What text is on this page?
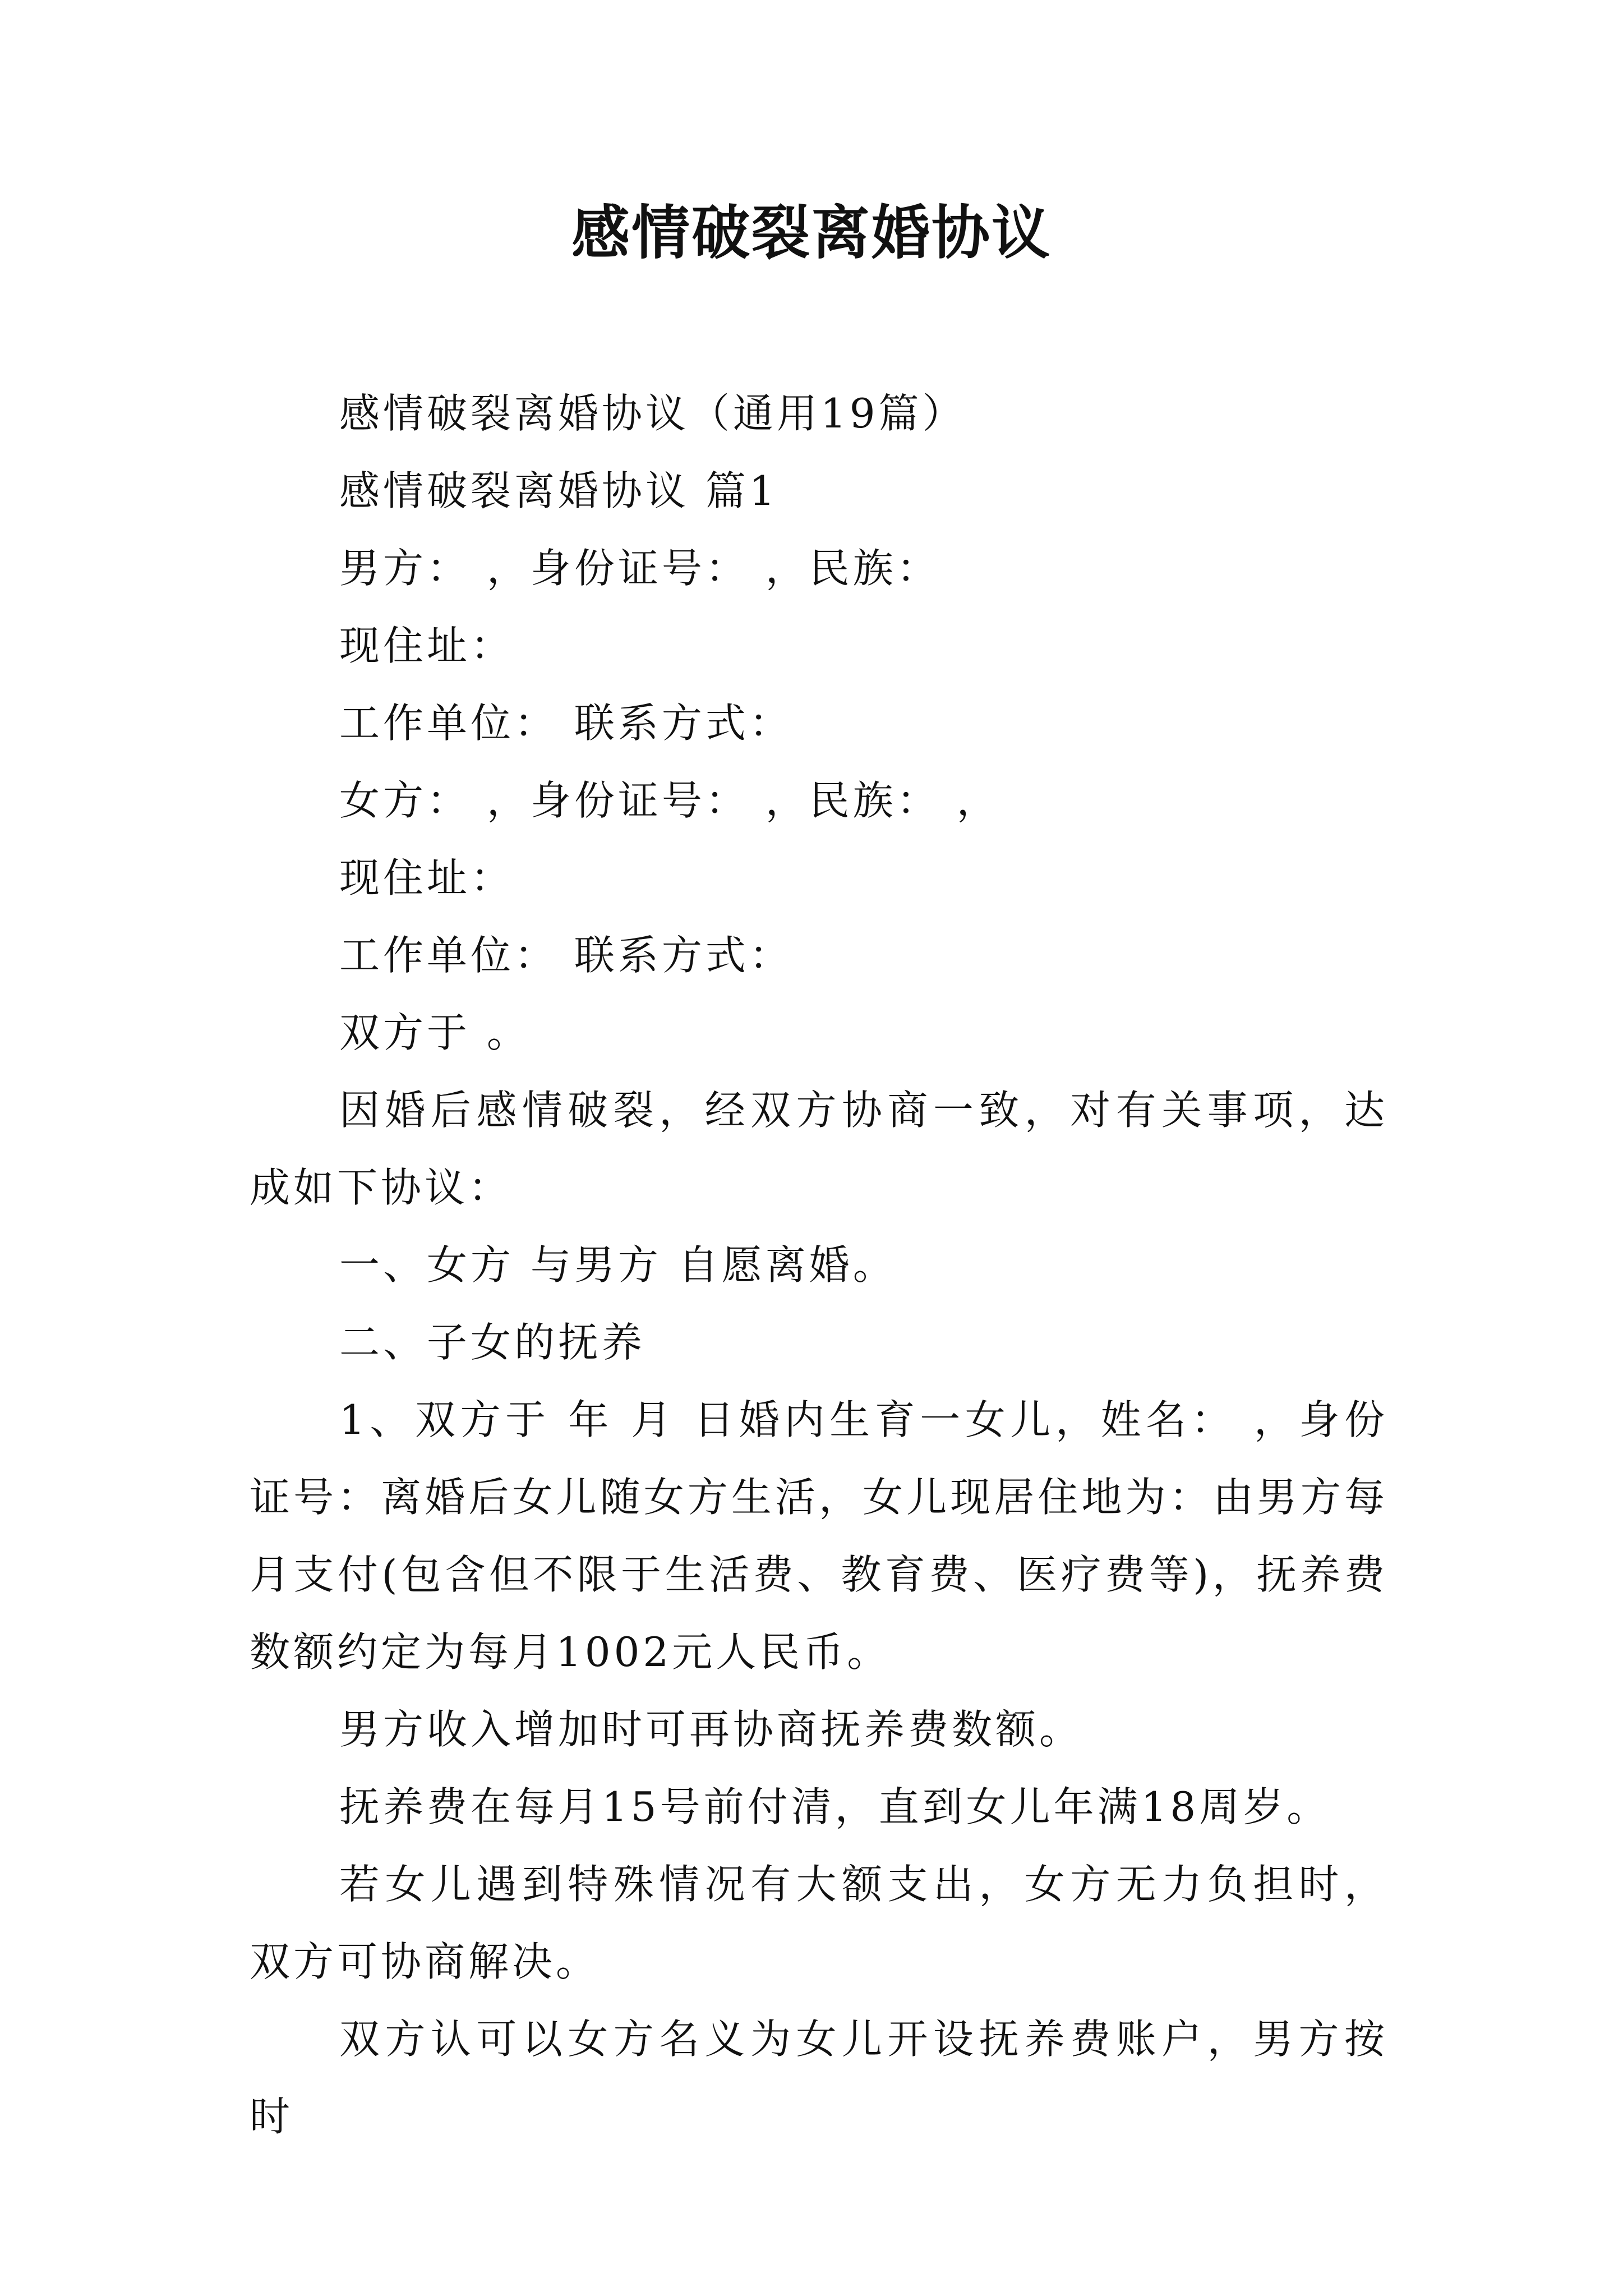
感情破裂离婚协议

感情破裂离婚协议（通用19篇）

感情破裂离婚协议 篇1

男方： ，身份证号： ，民族：

现住址：

工作单位： 联系方式：

女方： ，身份证号： ，民族： ，

现住址：

工作单位： 联系方式：

双方于 。

因婚后感情破裂，经双方协商一致，对有关事项，达成如下协议：

一、女方 与男方 自愿离婚。

二、子女的抚养

1、双方于 年 月 日婚内生育一女儿，姓名： ，身份证号：离婚后女儿随女方生活，女儿现居住地为：由男方每月支付(包含但不限于生活费、教育费、医疗费等)，抚养费数额约定为每月1002元人民币。

男方收入增加时可再协商抚养费数额。

抚养费在每月15号前付清，直到女儿年满18周岁。

若女儿遇到特殊情况有大额支出，女方无力负担时，双方可协商解决。

双方认可以女方名义为女儿开设抚养费账户，男方按时
